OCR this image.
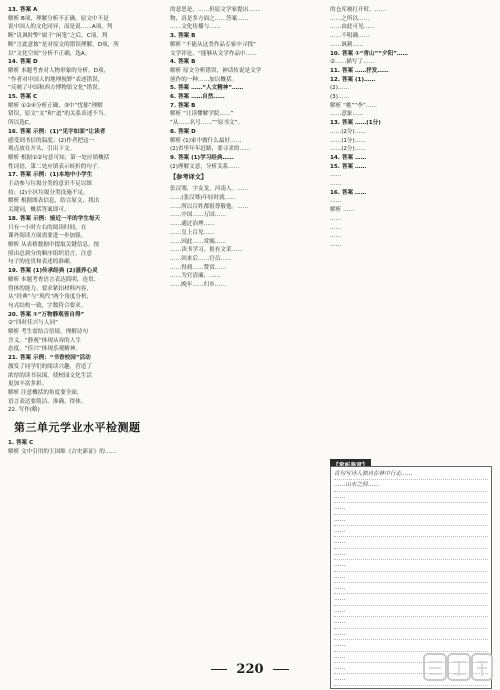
13. 答案 A
解析 B项，理解分析不正确，原文中不是
说中国人的文化同异，而是说……A项，判
断“讥讽时弊”属于“闲笔”之后，C项，判
断“言此意彼”是对原文的错误理解，D项，所
以“文化空间”分析不正确，选A。
14. 答案 D
解析 本题考查对人物形象的分析。D项，
“作者对中国人的地理视野”表述错误，
“反映了中国和西方博物馆文化”错误。
15. 答案 C
解析 ①②④分析正确，③中“忧郁”理解
错误，原文“文”和“道”的关系表述不当。
所以选C。
16. 答案 示例：(1)“见字如面”让读者
感受到书信的温度；(2)作者把这一
观点放在开头，引出下文。
解析 根据①②句意可知，第一处应填概括
性词语，第二处应填表示转折的句子。
17. 答案 示例：(1)本地中小学生
主动参与垃圾分类的意识不足以维
持；(2)小区垃圾分类设施不足。
解析 根据图表信息，结合原文，找出
关键词，概括答案即可。
18. 答案 示例：接近一半的学生每天
只有一小时左右的阅读时间，在
课外阅读方面需要进一步加强。
解析 从表格数据中提取关键信息，按
照由总到分的顺序组织语言，注意
句子的连贯和表述的准确。
19. 答案 (1)传承经典 (2)滋养心灵
解析 本题考查语言表达简明、连贯、
得体的能力。要求紧扣材料内容，
从“经典”与“现代”两个角度分析，
句式结构一致，字数符合要求。
20. 答案 ①“万物静观皆自得”
②“四时佳兴与人同”
解析 考生需结合语境，理解诗句
含义。“静观”体现从容的人生
态度，“佳兴”体现乐观精神。
21. 答案 示例：“书香校园”活动
激发了同学们的阅读兴趣，营造了
浓厚的读书氛围，使校园文化生活
更加丰富多彩。
解析 注意概括的角度要全面，
语言表达要简洁、准确、得体。
22. 写作(略)
第三单元学业水平检测题
1. 答案 C
解析 文中引用的王国维《古史新证》的……
的意思是，……但原文学家提出……
物，真是多方面之……答案……
……文化传播与……
3. 答案 B
解析 “不能从这类作品专家中寻找”
文学评论，“能够从文学作品中……
4. 答案 B
解析 原文分析错误，神话传说是文学
创作的一种……加以概括。
5. 答案 ……“人文精神”……
6. 答案 ……自然……
7. 答案 B
解析 “让读懂解学院……”
“从……名号……”“原书文”。
8. 答案 D
解析 (1)家中做什么最好……
(2)省里年年赶路，要寻求的……
9. 答案 (1)学习经典……
(2)理解文意，分析关系……
【参考译文】
张汉骞，字友龙，河南人。……
……(张汉骞)年轻时就……
……所以百姓都很尊敬他。……
……中国……万国……
……通过治理……
……皇上召见……
……因此……赏赐……
……读书学习，很有文采……
……回来后……官员……
……得到……赞赏……
……为官清廉，……
……晚年……归乡……
的仓库被打开时，……
……之所以……
……由此可见……
……不明确……
……讽刺……
10. 答案 ①“青山”“夕阳”……
②……描写了……
11. 答案 ……抒发……
12. 答案 (1)……
(2)……
(3)……
解析 “桃”“李”……
……意象……
13. 答案 ……(1分)
……(2分)……
……(1分)……
……(2分)……
14. 答案 ……
15. 答案 ……
……
……
16. 答案 ……
……
解析 ……
……
……
……
……
首句写诗人独自在林中行走……
……山水之间……
……
……
……
……
……
……
……
……
……
……
……
……
……
……
……
……
……
220
